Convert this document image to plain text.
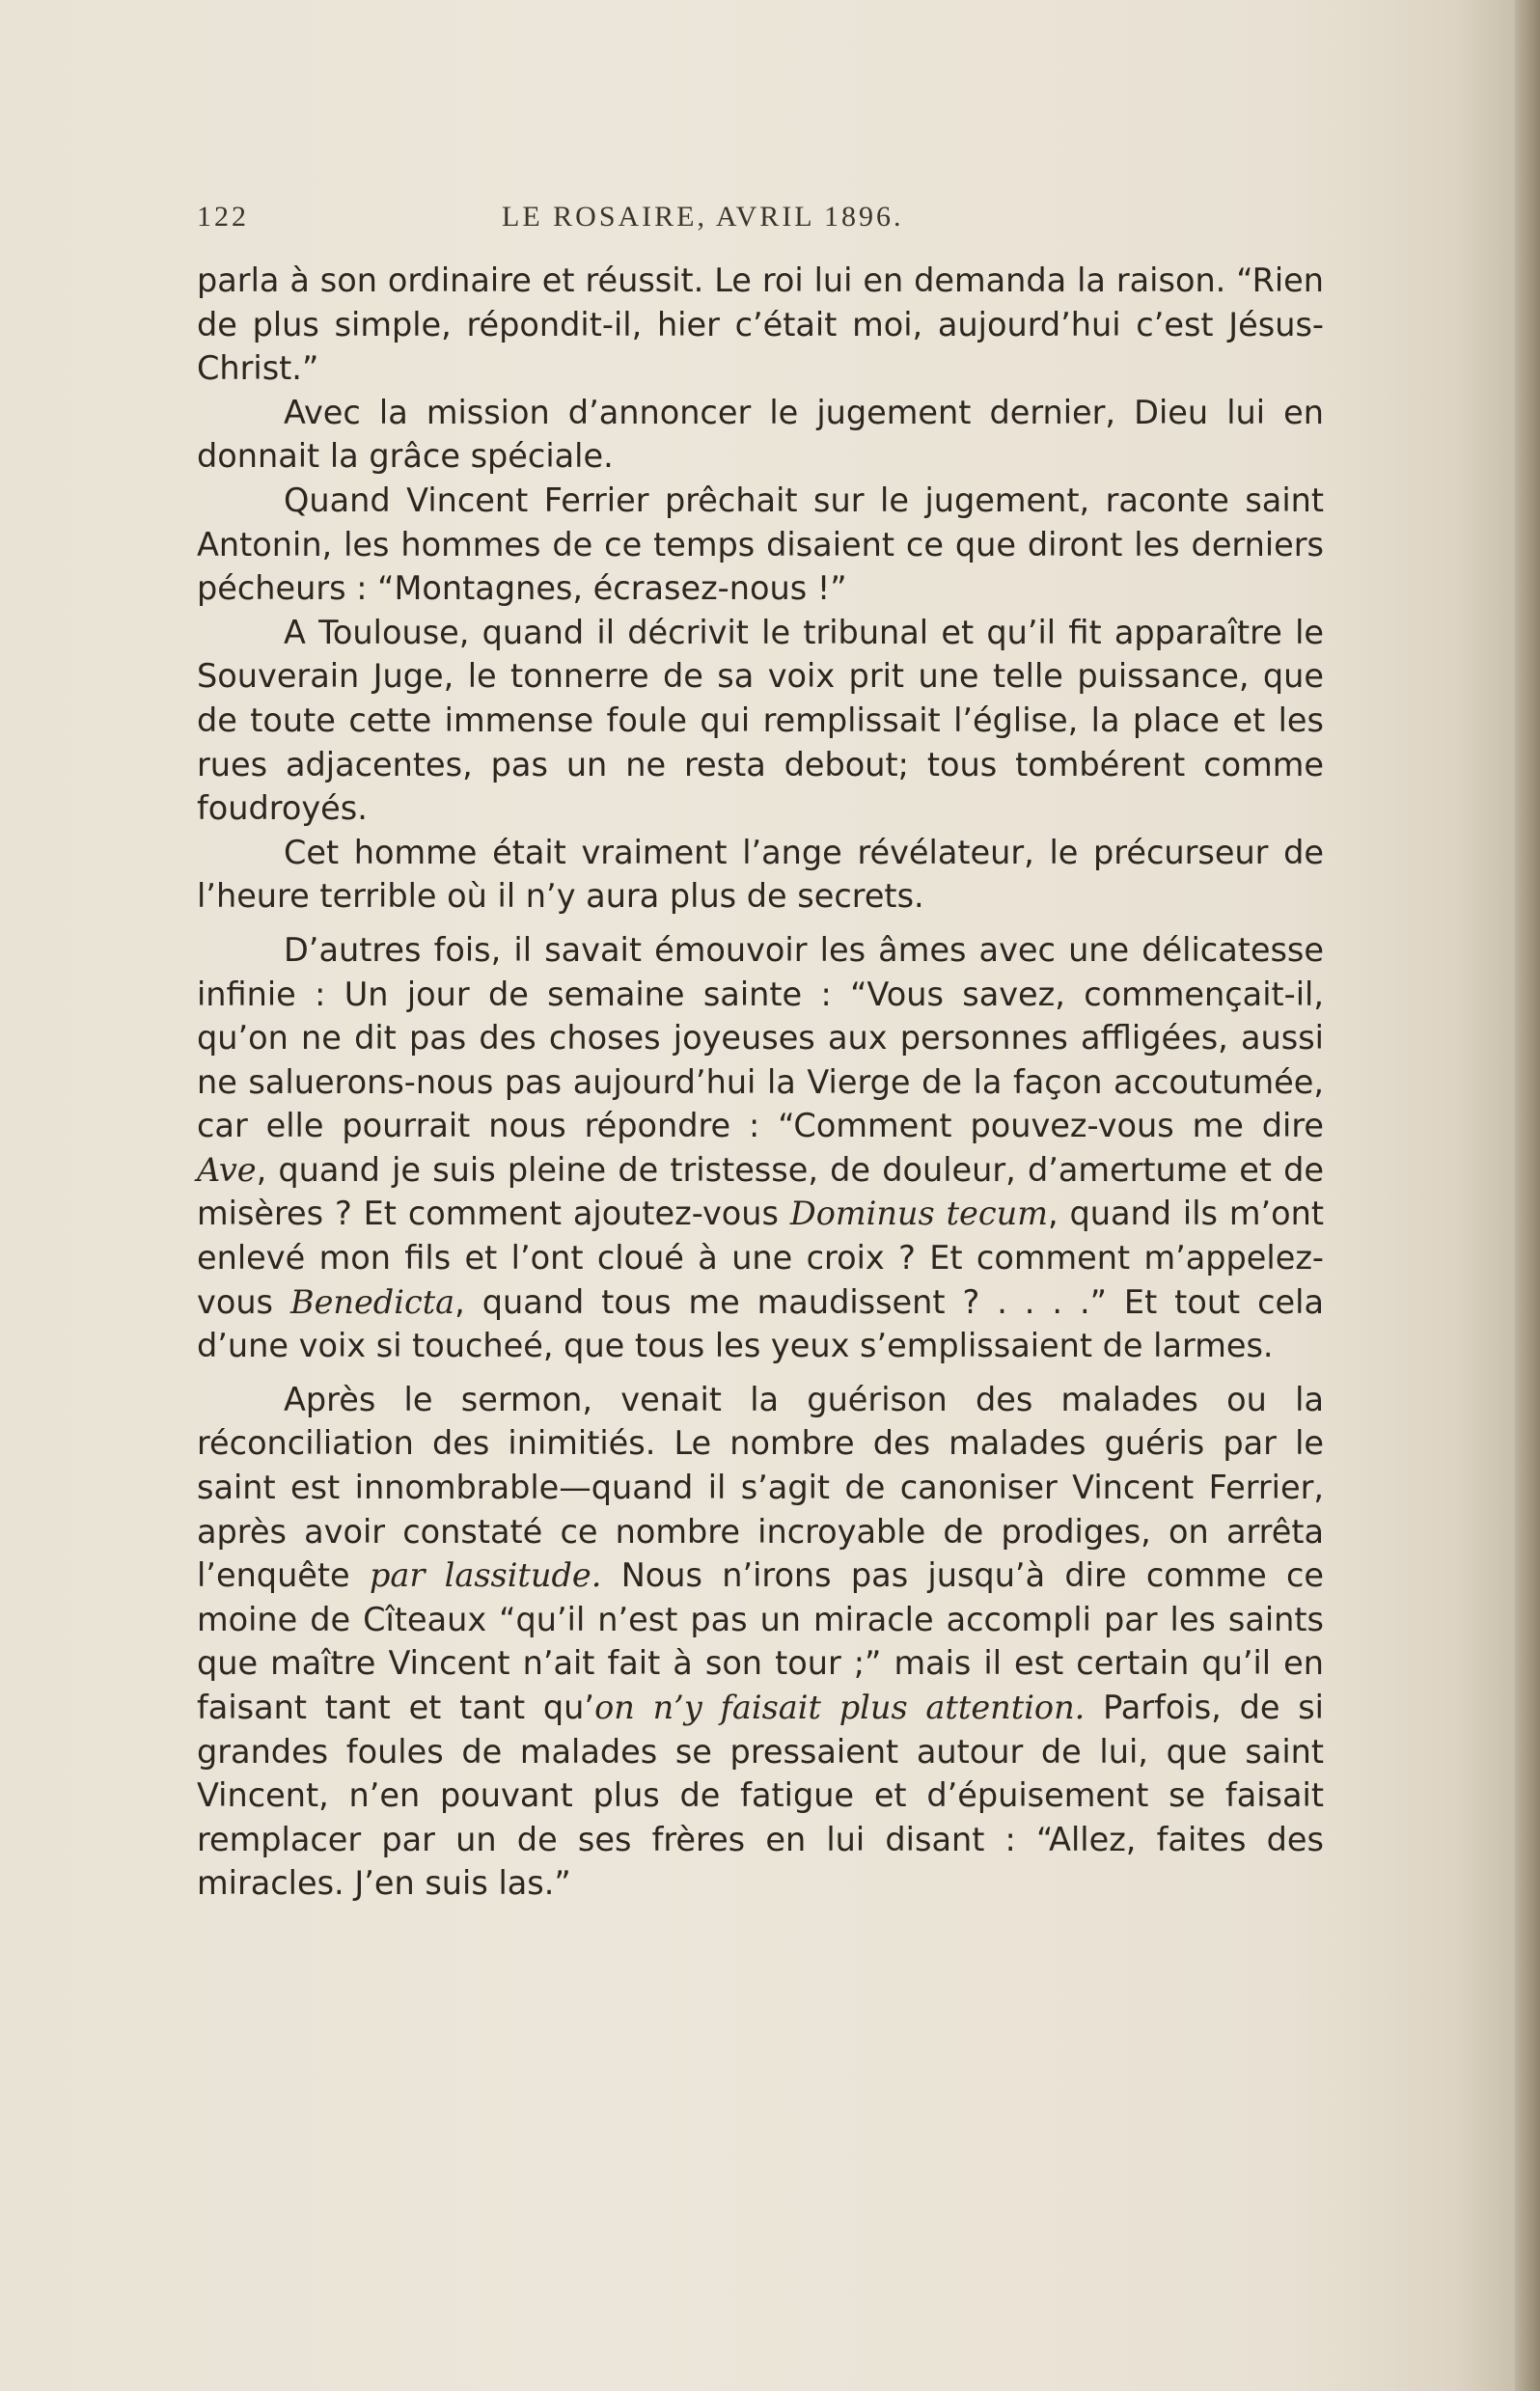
122	LE ROSAIRE, AVRIL 1896.

parla à son ordinaire et réussit. Le roi lui en demanda la raison. “Rien de plus simple, répondit-il, hier c’était moi, aujourd’hui c’est Jésus-Christ.”

Avec la mission d’annoncer le jugement dernier, Dieu lui en donnait la grâce spéciale.

Quand Vincent Ferrier prêchait sur le jugement, raconte saint Antonin, les hommes de ce temps disaient ce que diront les derniers pécheurs : “Montagnes, écrasez-nous !”

A Toulouse, quand il décrivit le tribunal et qu’il fit apparaître le Souverain Juge, le tonnerre de sa voix prit une telle puissance, que de toute cette immense foule qui remplissait l’église, la place et les rues adjacentes, pas un ne resta debout; tous tombérent comme foudroyés.

Cet homme était vraiment l’ange révélateur, le précurseur de l’heure terrible où il n’y aura plus de secrets.

D’autres fois, il savait émouvoir les âmes avec une délicatesse infinie : Un jour de semaine sainte : “Vous savez, commençait-il, qu’on ne dit pas des choses joyeuses aux personnes affligées, aussi ne saluerons-nous pas aujourd’hui la Vierge de la façon accoutumée, car elle pourrait nous répondre : “Comment pouvez-vous me dire Ave, quand je suis pleine de tristesse, de douleur, d’amertume et de misères ? Et comment ajoutez-vous Dominus tecum, quand ils m’ont enlevé mon fils et l’ont cloué à une croix ? Et comment m’appelez-vous Benedicta, quand tous me maudissent ? . . . .” Et tout cela d’une voix si toucheé, que tous les yeux s’emplissaient de larmes.

Après le sermon, venait la guérison des malades ou la réconciliation des inimitiés. Le nombre des malades guéris par le saint est innombrable—quand il s’agit de canoniser Vincent Ferrier, après avoir constaté ce nombre incroyable de prodiges, on arrêta l’enquête par lassitude. Nous n’irons pas jusqu’à dire comme ce moine de Cîteaux “qu’il n’est pas un miracle accompli par les saints que maître Vincent n’ait fait à son tour ;” mais il est certain qu’il en faisant tant et tant qu’on n’y faisait plus attention. Parfois, de si grandes foules de malades se pressaient autour de lui, que saint Vincent, n’en pouvant plus de fatigue et d’épuisement se faisait remplacer par un de ses frères en lui disant : “Allez, faites des miracles. J’en suis las.”
